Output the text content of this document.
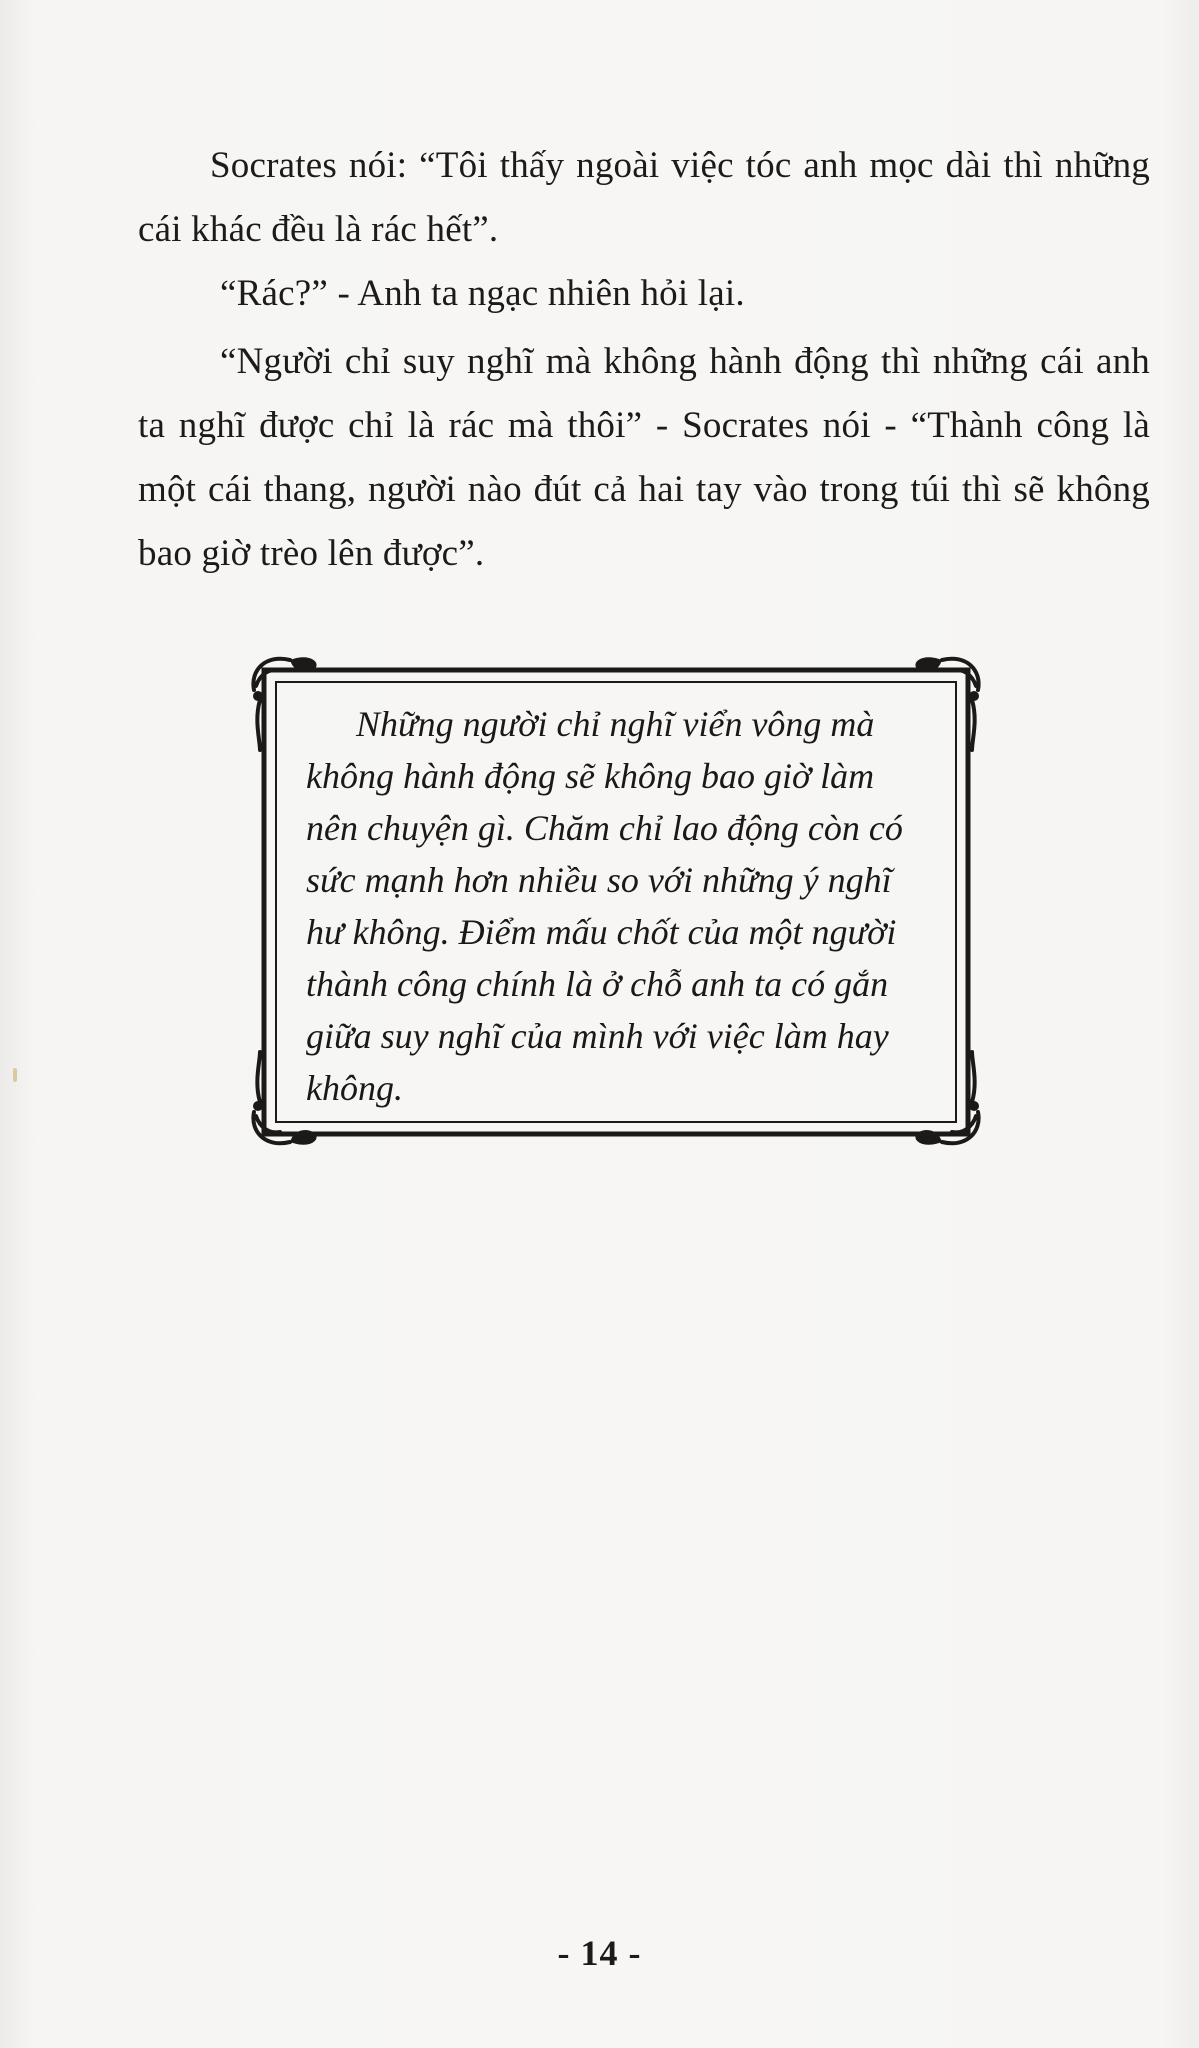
Socrates nói: “Tôi thấy ngoài việc tóc anh mọc dài thì những cái khác đều là rác hết”.

“Rác?” - Anh ta ngạc nhiên hỏi lại.

“Người chỉ suy nghĩ mà không hành động thì những cái anh ta nghĩ được chỉ là rác mà thôi” - Socrates nói - “Thành công là một cái thang, người nào đút cả hai tay vào trong túi thì sẽ không bao giờ trèo lên được”.

Những người chỉ nghĩ viển vông mà không hành động sẽ không bao giờ làm nên chuyện gì. Chăm chỉ lao động còn có sức mạnh hơn nhiều so với những ý nghĩ hư không. Điểm mấu chốt của một người thành công chính là ở chỗ anh ta có gắn giữa suy nghĩ của mình với việc làm hay không.

- 14 -
